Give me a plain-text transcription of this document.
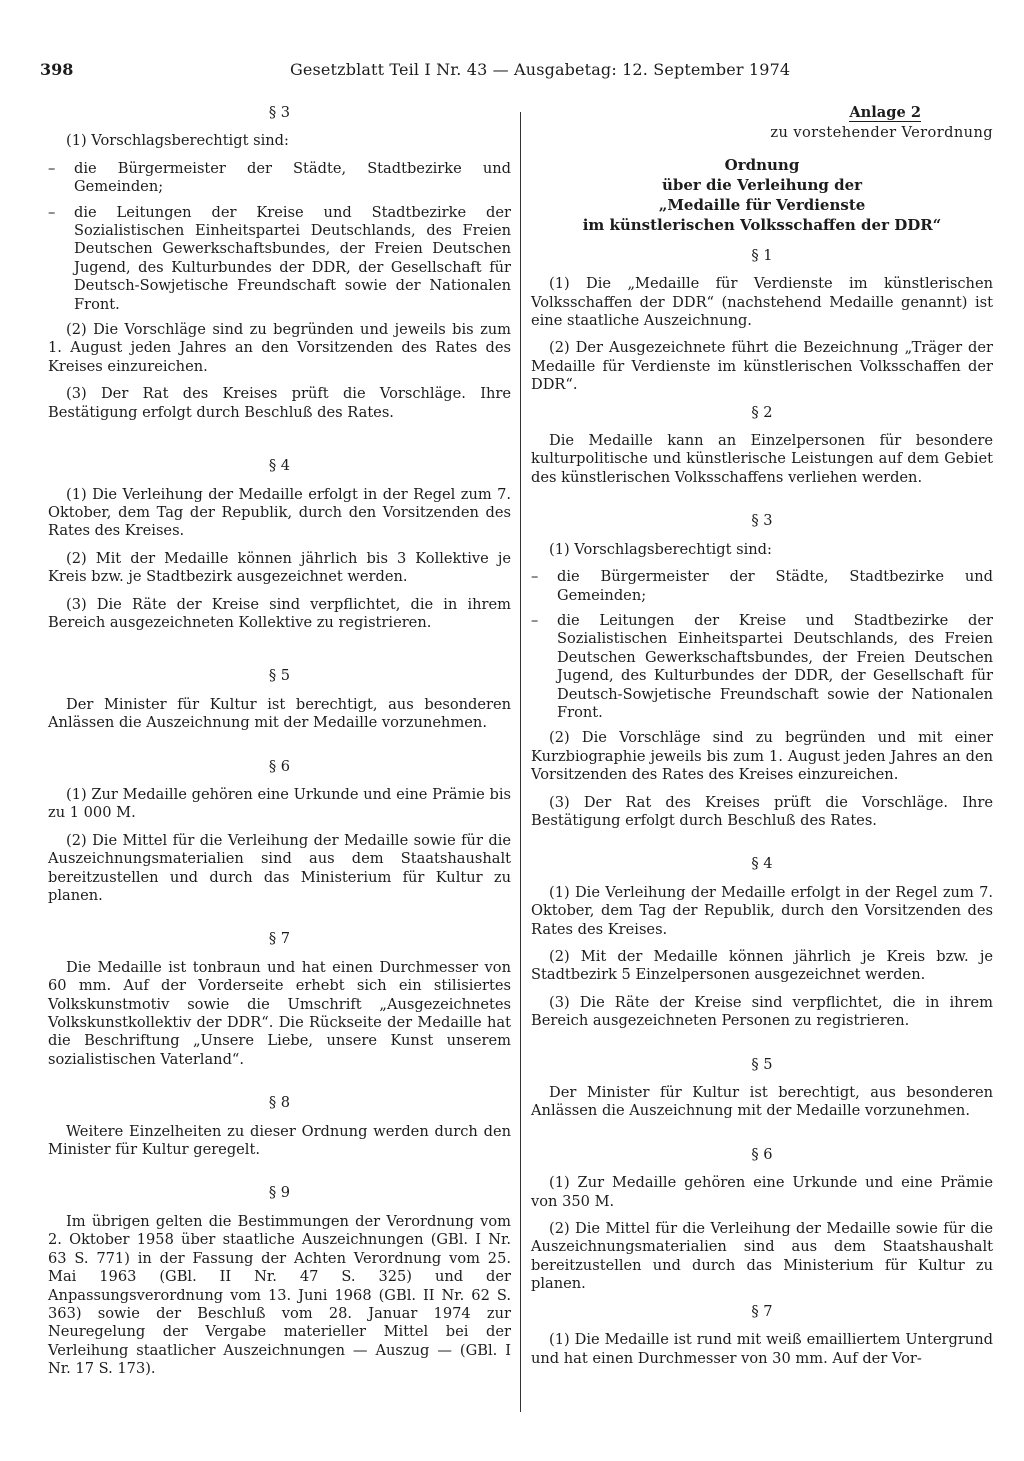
398	Gesetzblatt Teil I Nr. 43 — Ausgabetag: 12. September 1974
§ 3

(1) Vorschlagsberechtigt sind:

– die Bürgermeister der Städte, Stadtbezirke und Gemeinden;
– die Leitungen der Kreise und Stadtbezirke der Sozialistischen Einheitspartei Deutschlands, des Freien Deutschen Gewerkschaftsbundes, der Freien Deutschen Jugend, des Kulturbundes der DDR, der Gesellschaft für Deutsch-Sowjetische Freundschaft sowie der Nationalen Front.

(2) Die Vorschläge sind zu begründen und jeweils bis zum 1. August jeden Jahres an den Vorsitzenden des Rates des Kreises einzureichen.

(3) Der Rat des Kreises prüft die Vorschläge. Ihre Bestätigung erfolgt durch Beschluß des Rates.

§ 4

(1) Die Verleihung der Medaille erfolgt in der Regel zum 7. Oktober, dem Tag der Republik, durch den Vorsitzenden des Rates des Kreises.

(2) Mit der Medaille können jährlich bis 3 Kollektive je Kreis bzw. je Stadtbezirk ausgezeichnet werden.

(3) Die Räte der Kreise sind verpflichtet, die in ihrem Bereich ausgezeichneten Kollektive zu registrieren.

§ 5

Der Minister für Kultur ist berechtigt, aus besonderen Anlässen die Auszeichnung mit der Medaille vorzunehmen.

§ 6

(1) Zur Medaille gehören eine Urkunde und eine Prämie bis zu 1 000 M.

(2) Die Mittel für die Verleihung der Medaille sowie für die Auszeichnungsmaterialien sind aus dem Staatshaushalt bereitzustellen und durch das Ministerium für Kultur zu planen.

§ 7

Die Medaille ist tonbraun und hat einen Durchmesser von 60 mm. Auf der Vorderseite erhebt sich ein stilisiertes Volkskunstmotiv sowie die Umschrift „Ausgezeichnetes Volkskunstkollektiv der DDR“. Die Rückseite der Medaille hat die Beschriftung „Unsere Liebe, unsere Kunst unserem sozialistischen Vaterland“.

§ 8

Weitere Einzelheiten zu dieser Ordnung werden durch den Minister für Kultur geregelt.

§ 9

Im übrigen gelten die Bestimmungen der Verordnung vom 2. Oktober 1958 über staatliche Auszeichnungen (GBl. I Nr. 63 S. 771) in der Fassung der Achten Verordnung vom 25. Mai 1963 (GBl. II Nr. 47 S. 325) und der Anpassungsverordnung vom 13. Juni 1968 (GBl. II Nr. 62 S. 363) sowie der Beschluß vom 28. Januar 1974 zur Neuregelung der Vergabe materieller Mittel bei der Verleihung staatlicher Auszeichnungen — Auszug — (GBl. I Nr. 17 S. 173).

Anlage 2

zu vorstehender Verordnung

Ordnung
über die Verleihung der
„Medaille für Verdienste
im künstlerischen Volksschaffen der DDR“
§ 1

(1) Die „Medaille für Verdienste im künstlerischen Volksschaffen der DDR“ (nachstehend Medaille genannt) ist eine staatliche Auszeichnung.

(2) Der Ausgezeichnete führt die Bezeichnung „Träger der Medaille für Verdienste im künstlerischen Volksschaffen der DDR“.

§ 2

Die Medaille kann an Einzelpersonen für besondere kulturpolitische und künstlerische Leistungen auf dem Gebiet des künstlerischen Volksschaffens verliehen werden.

§ 3

(1) Vorschlagsberechtigt sind:

– die Bürgermeister der Städte, Stadtbezirke und Gemeinden;
– die Leitungen der Kreise und Stadtbezirke der Sozialistischen Einheitspartei Deutschlands, des Freien Deutschen Gewerkschaftsbundes, der Freien Deutschen Jugend, des Kulturbundes der DDR, der Gesellschaft für Deutsch-Sowjetische Freundschaft sowie der Nationalen Front.

(2) Die Vorschläge sind zu begründen und mit einer Kurzbiographie jeweils bis zum 1. August jeden Jahres an den Vorsitzenden des Rates des Kreises einzureichen.

(3) Der Rat des Kreises prüft die Vorschläge. Ihre Bestätigung erfolgt durch Beschluß des Rates.

§ 4

(1) Die Verleihung der Medaille erfolgt in der Regel zum 7. Oktober, dem Tag der Republik, durch den Vorsitzenden des Rates des Kreises.

(2) Mit der Medaille können jährlich je Kreis bzw. je Stadtbezirk 5 Einzelpersonen ausgezeichnet werden.

(3) Die Räte der Kreise sind verpflichtet, die in ihrem Bereich ausgezeichneten Personen zu registrieren.

§ 5

Der Minister für Kultur ist berechtigt, aus besonderen Anlässen die Auszeichnung mit der Medaille vorzunehmen.

§ 6

(1) Zur Medaille gehören eine Urkunde und eine Prämie von 350 M.

(2) Die Mittel für die Verleihung der Medaille sowie für die Auszeichnungsmaterialien sind aus dem Staatshaushalt bereitzustellen und durch das Ministerium für Kultur zu planen.

§ 7

(1) Die Medaille ist rund mit weiß emailliertem Untergrund und hat einen Durchmesser von 30 mm. Auf der Vor-
